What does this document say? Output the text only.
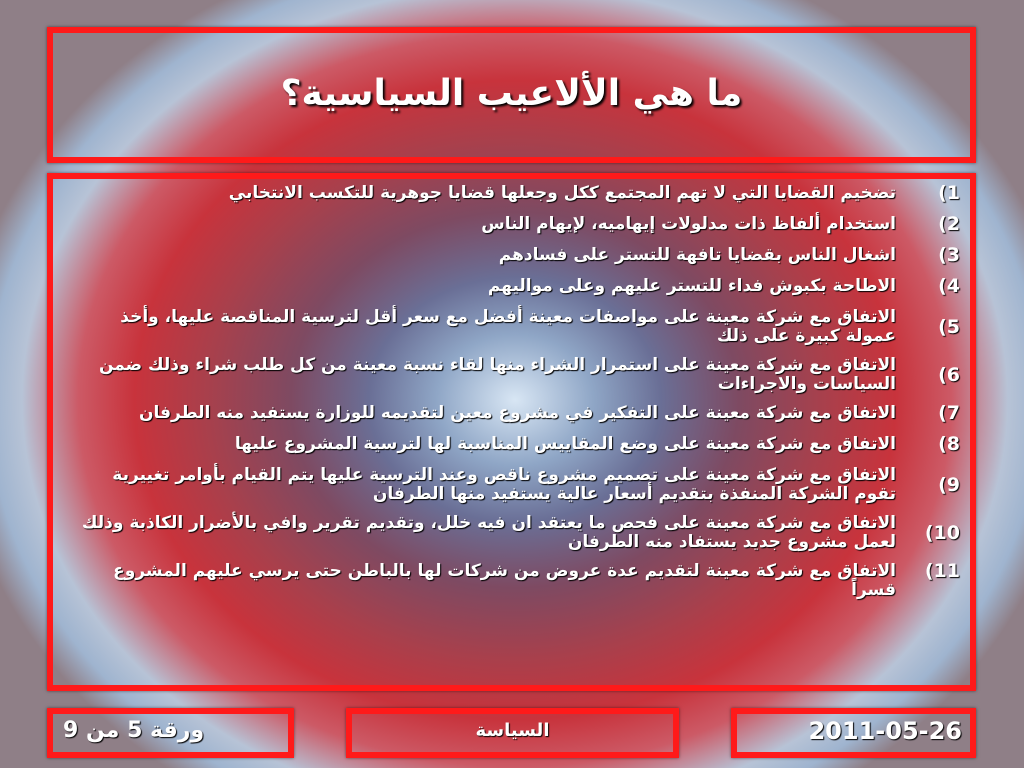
ما هي الألاعيب السياسية؟
1)
تضخيم القضايا التي لا تهم المجتمع ككل وجعلها قضايا جوهرية للتكسب الانتخابي
2)
استخدام ألفاظ ذات مدلولات إيهاميه، لإيهام الناس
3)
اشغال الناس بقضايا تافهة للتستر على فسادهم
4)
الاطاحة بكبوش فداء للتستر عليهم وعلى مواليهم
5)
الاتفاق مع شركة معينة على مواصفات معينة أفضل مع سعر أقل لترسية المناقصة عليها، وأخذ عمولة كبيرة على ذلك
6)
الاتفاق مع شركة معينة على استمرار الشراء منها لقاء نسبة معينة من كل طلب شراء وذلك ضمن السياسات والاجراءات
7)
الاتفاق مع شركة معينة على التفكير في مشروع معين لتقديمه للوزارة يستفيد منه الطرفان
8)
الاتفاق مع شركة معينة على وضع المقاييس المناسبة لها لترسية المشروع عليها
9)
الاتفاق مع شركة معينة على تصميم مشروع ناقص وعند الترسية عليها يتم القيام بأوامر تغييرية تقوم الشركة المنفذة بتقديم أسعار عالية يستفيد منها الطرفان
10)
الاتفاق مع شركة معينة على فحص ما يعتقد ان فيه خلل، وتقديم تقرير وافي بالأضرار الكاذبة وذلك لعمل مشروع جديد يستفاد منه الطرفان
11)
الاتفاق مع شركة معينة لتقديم عدة عروض من شركات لها بالباطن حتى يرسي عليهم المشروع قسراً
ورقة 5 من 9	السياسة	2011-05-26
